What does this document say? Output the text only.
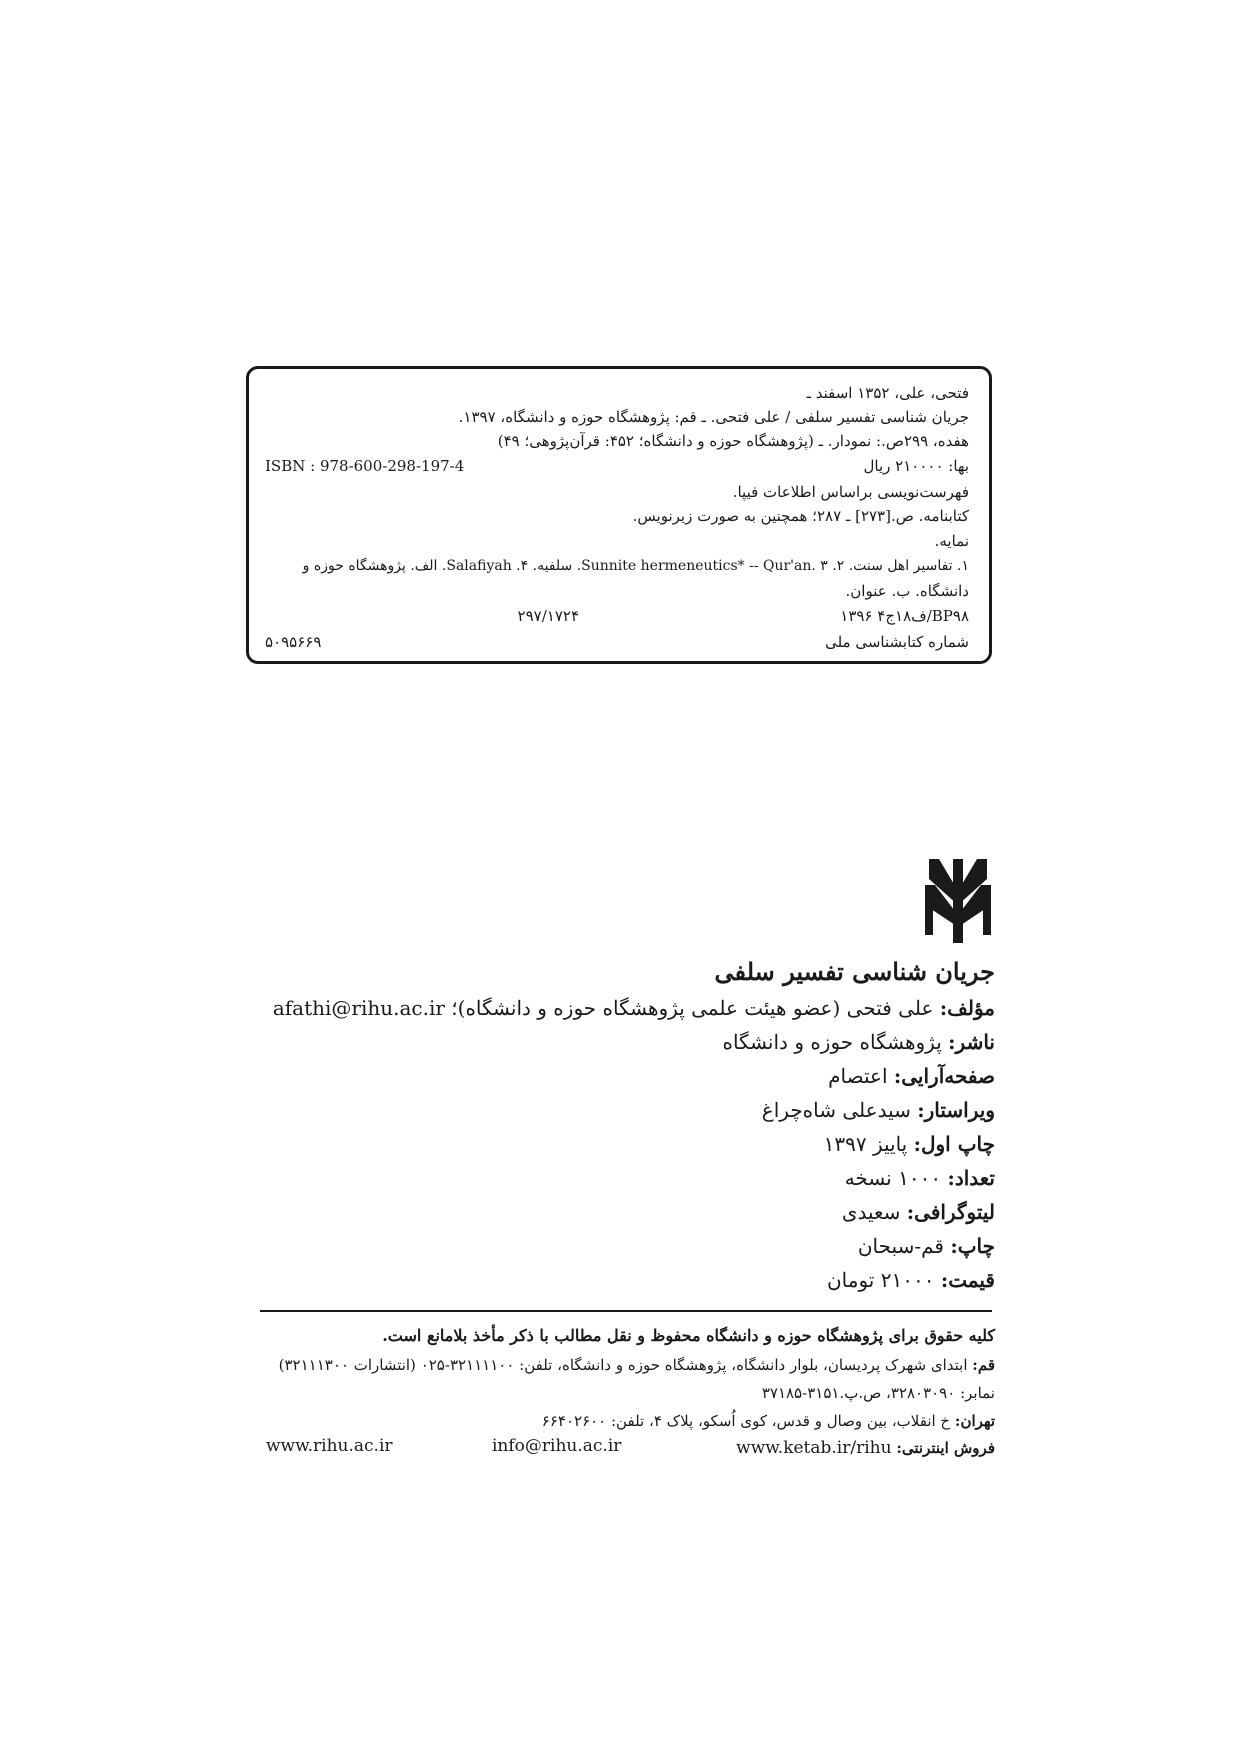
فتحی، علی، ۱۳۵۲ اسفند ـ
جریان شناسی تفسیر سلفی / علی فتحی. ـ قم: پژوهشگاه حوزه و دانشگاه، ۱۳۹۷.
هفده، ۲۹۹ص.: نمودار. ـ (پژوهشگاه حوزه و دانشگاه؛ ۴۵۲: قرآن‌پژوهی؛ ۴۹)
بها: ۲۱۰۰۰۰ ریال
ISBN : 978-600-298-197-4
فهرست‌نویسی براساس اطلاعات فیپا.
کتابنامه. ص.[۲۷۳] ـ ۲۸۷؛ همچنین به صورت زیرنویس.
نمایه.
۱. تفاسیر اهل سنت. ۲. Sunnite hermeneutics* -- Qur'an. ۳. سلفیه. ۴. Salafiyah. الف. پژوهشگاه حوزه و
دانشگاه. ب. عنوان.
BP۹۸/ف۱۸ج۴ ۱۳۹۶
۲۹۷/۱۷۲۴
شماره کتابشناسی ملی
۵۰۹۵۶۶۹
جریان شناسی تفسیر سلفی
مؤلف: علی فتحی (عضو هیئت علمی پژوهشگاه حوزه و دانشگاه)؛ afathi@rihu.ac.ir
ناشر: پژوهشگاه حوزه و دانشگاه
صفحه‌آرایی: اعتصام
ویراستار: سیدعلی شاه‌چراغ
چاپ اول: پاییز ۱۳۹۷
تعداد: ۱۰۰۰ نسخه
لیتوگرافی: سعیدی
چاپ: قم-سبحان
قیمت: ۲۱۰۰۰ تومان
کلیه حقوق برای پژوهشگاه حوزه و دانشگاه محفوظ و نقل مطالب با ذکر مأخذ بلامانع است.
قم: ابتدای شهرک پردیسان، بلوار دانشگاه، پژوهشگاه حوزه و دانشگاه، تلفن: ۳۲۱۱۱۱۰۰-۰۲۵ (انتشارات ۳۲۱۱۱۳۰۰)
نمابر: ۳۲۸۰۳۰۹۰، ص.پ.۳۱۵۱-۳۷۱۸۵
تهران: خ انقلاب، بین وصال و قدس، کوی اُسکو، پلاک ۴، تلفن: ۶۶۴۰۲۶۰۰
فروش اینترنتی: www.ketab.ir/rihu
info@rihu.ac.ir
www.rihu.ac.ir
